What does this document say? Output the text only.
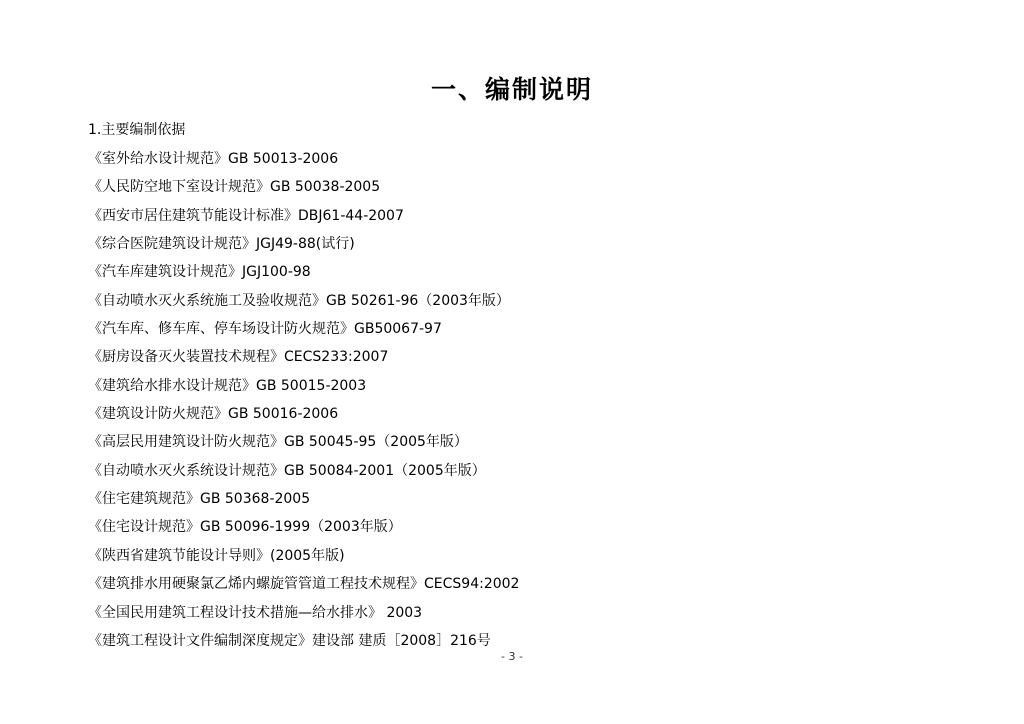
一、编制说明
1.主要编制依据
《室外给水设计规范》GB 50013-2006
《人民防空地下室设计规范》GB 50038-2005
《西安市居住建筑节能设计标准》DBJ61-44-2007
《综合医院建筑设计规范》JGJ49-88(试行)
《汽车库建筑设计规范》JGJ100-98
《自动喷水灭火系统施工及验收规范》GB 50261-96（2003年版）
《汽车库、修车库、停车场设计防火规范》GB50067-97
《厨房设备灭火装置技术规程》CECS233:2007
《建筑给水排水设计规范》GB 50015-2003
《建筑设计防火规范》GB 50016-2006
《高层民用建筑设计防火规范》GB 50045-95（2005年版）
《自动喷水灭火系统设计规范》GB 50084-2001（2005年版）
《住宅建筑规范》GB 50368-2005
《住宅设计规范》GB 50096-1999（2003年版）
《陕西省建筑节能设计导则》(2005年版)
《建筑排水用硬聚氯乙烯内螺旋管管道工程技术规程》CECS94:2002
《全国民用建筑工程设计技术措施—给水排水》 2003
《建筑工程设计文件编制深度规定》建设部 建质［2008］216号
- 3 -
